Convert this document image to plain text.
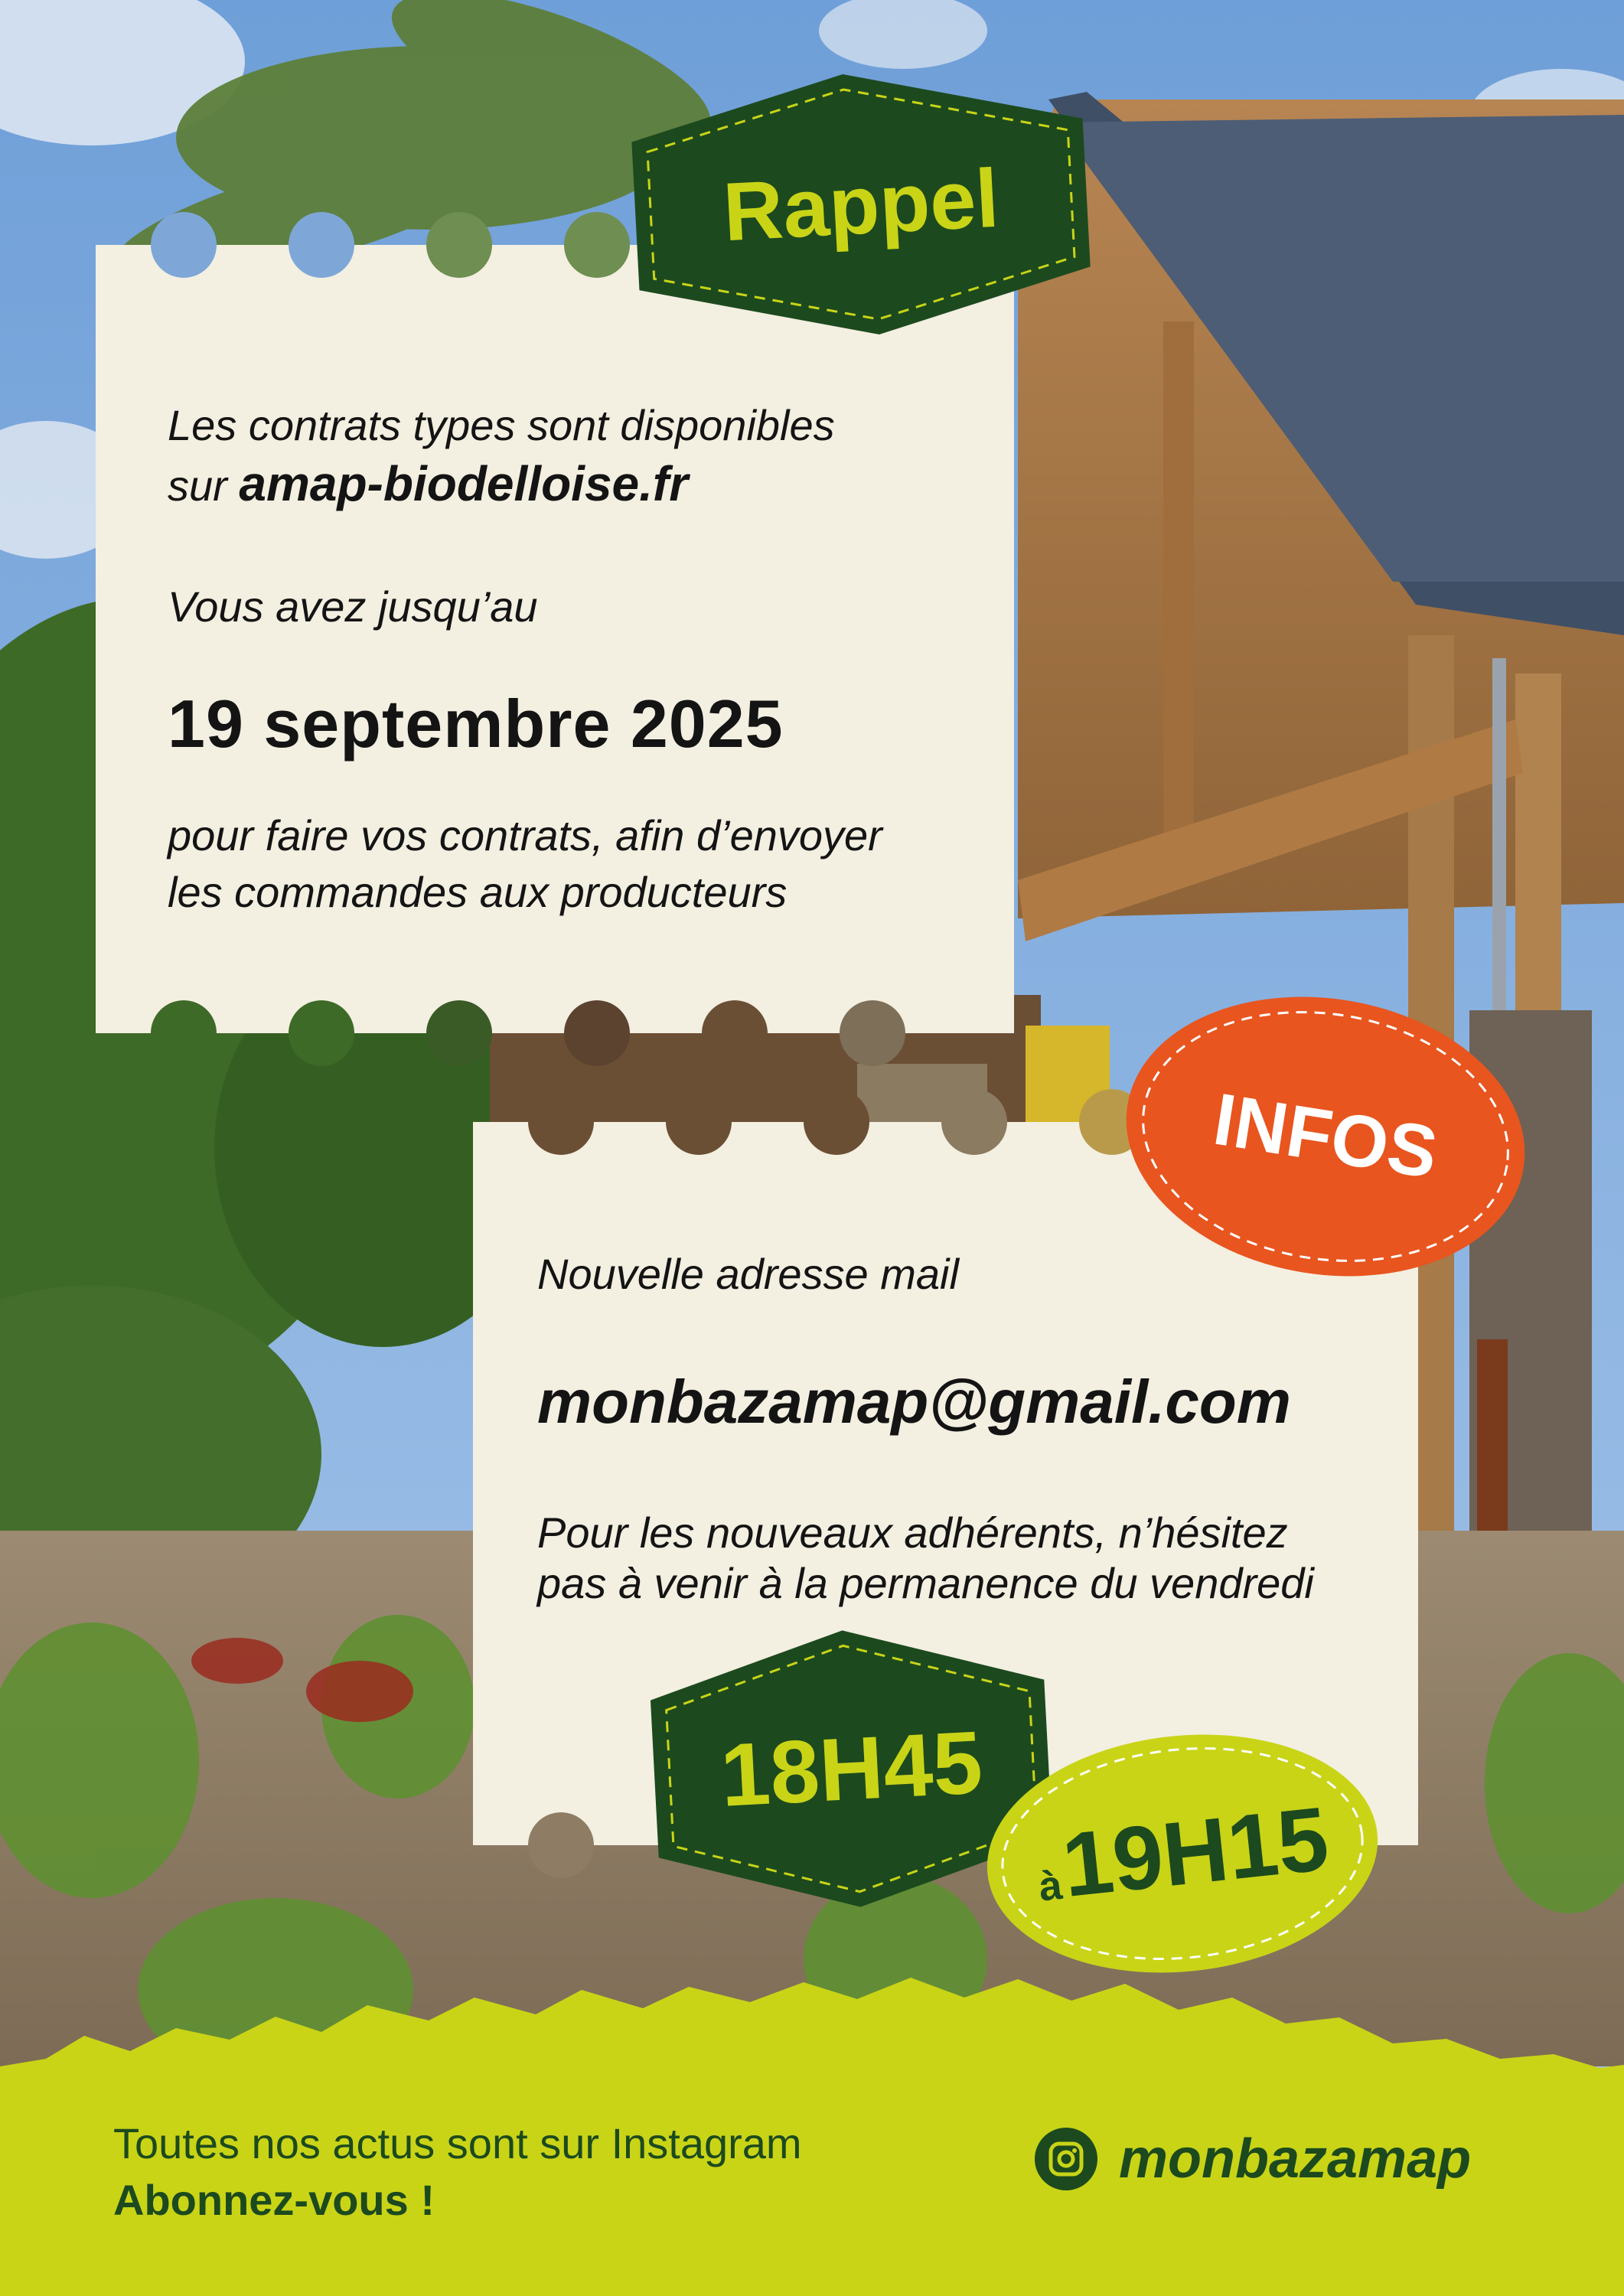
Les contrats types sont disponibles
sur amap-biodelloise.fr
Vous avez jusqu’au
19 septembre 2025
pour faire vos contrats, afin d’envoyer
les commandes aux producteurs
Nouvelle adresse mail
monbazamap@gmail.com
Pour les nouveaux adhérents, n’hésitez
pas à venir à la permanence du vendredi
Rappel
INFOS
18H45
à
19H15
Toutes nos actus sont sur Instagram
Abonnez-vous !
monbazamap
